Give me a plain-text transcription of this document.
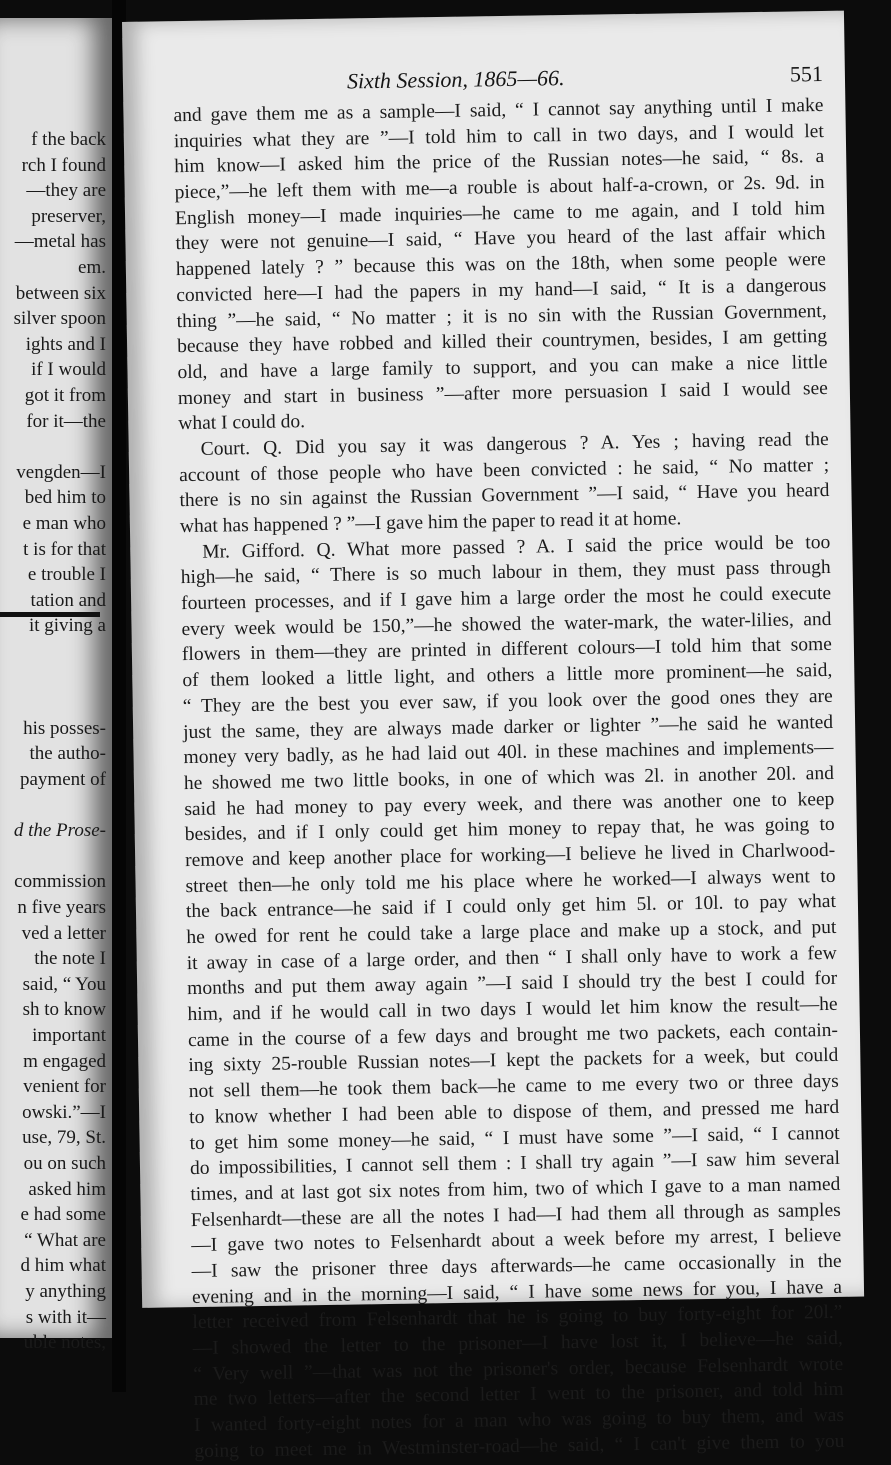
f the back
rch I found
—they are
preserver,
—metal has
em.
between six
silver spoon
ights and I
if I would
got it from
for it—the
vengden—I
bed him to
e man who
t is for that
e trouble I
tation and
it giving a
his posses-
the autho-
payment of
d the Prose-
commission
n five years
ved a letter
the note I
said, “ You
sh to know
important
m engaged
venient for
owski.”—I
use, 79, St.
ou on such
asked him
e had some
“ What are
d him what
y anything
s with it—
uble notes,
Sixth Session, 1865—66.	551
and gave them me as a sample—I said, “ I cannot say anything until I make
inquiries what they are ”—I told him to call in two days, and I would let
him know—I asked him the price of the Russian notes—he said, “ 8s. a
piece,”—he left them with me—a rouble is about half-a-crown, or 2s. 9d. in
English money—I made inquiries—he came to me again, and I told him
they were not genuine—I said, “ Have you heard of the last affair which
happened lately ? ” because this was on the 18th, when some people were
convicted here—I had the papers in my hand—I said, “ It is a dangerous
thing ”—he said, “ No matter ; it is no sin with the Russian Government,
because they have robbed and killed their countrymen, besides, I am getting
old, and have a large family to support, and you can make a nice little
money and start in business ”—after more persuasion I said I would see
what I could do.
Court. Q. Did you say it was dangerous ? A. Yes ; having read the
account of those people who have been convicted : he said, “ No matter ;
there is no sin against the Russian Government ”—I said, “ Have you heard
what has happened ? ”—I gave him the paper to read it at home.
Mr. Gifford. Q. What more passed ? A. I said the price would be too
high—he said, “ There is so much labour in them, they must pass through
fourteen processes, and if I gave him a large order the most he could execute
every week would be 150,”—he showed the water-mark, the water-lilies, and
flowers in them—they are printed in different colours—I told him that some
of them looked a little light, and others a little more prominent—he said,
“ They are the best you ever saw, if you look over the good ones they are
just the same, they are always made darker or lighter ”—he said he wanted
money very badly, as he had laid out 40l. in these machines and implements—
he showed me two little books, in one of which was 2l. in another 20l. and
said he had money to pay every week, and there was another one to keep
besides, and if I only could get him money to repay that, he was going to
remove and keep another place for working—I believe he lived in Charlwood-
street then—he only told me his place where he worked—I always went to
the back entrance—he said if I could only get him 5l. or 10l. to pay what
he owed for rent he could take a large place and make up a stock, and put
it away in case of a large order, and then “ I shall only have to work a few
months and put them away again ”—I said I should try the best I could for
him, and if he would call in two days I would let him know the result—he
came in the course of a few days and brought me two packets, each contain-
ing sixty 25-rouble Russian notes—I kept the packets for a week, but could
not sell them—he took them back—he came to me every two or three days
to know whether I had been able to dispose of them, and pressed me hard
to get him some money—he said, “ I must have some ”—I said, “ I cannot
do impossibilities, I cannot sell them : I shall try again ”—I saw him several
times, and at last got six notes from him, two of which I gave to a man named
Felsenhardt—these are all the notes I had—I had them all through as samples
—I gave two notes to Felsenhardt about a week before my arrest, I believe
—I saw the prisoner three days afterwards—he came occasionally in the
evening and in the morning—I said, “ I have some news for you, I have a
letter received from Felsenhardt that he is going to buy forty-eight for 20l.”
—I showed the letter to the prisoner—I have lost it, I believe—he said,
“ Very well ”—that was not the prisoner's order, because Felsenhardt wrote
me two letters—after the second letter I went to the prisoner, and told him
I wanted forty-eight notes for a man who was going to buy them, and was
going to meet me in Westminster-road—he said, “ I can't give them to you
